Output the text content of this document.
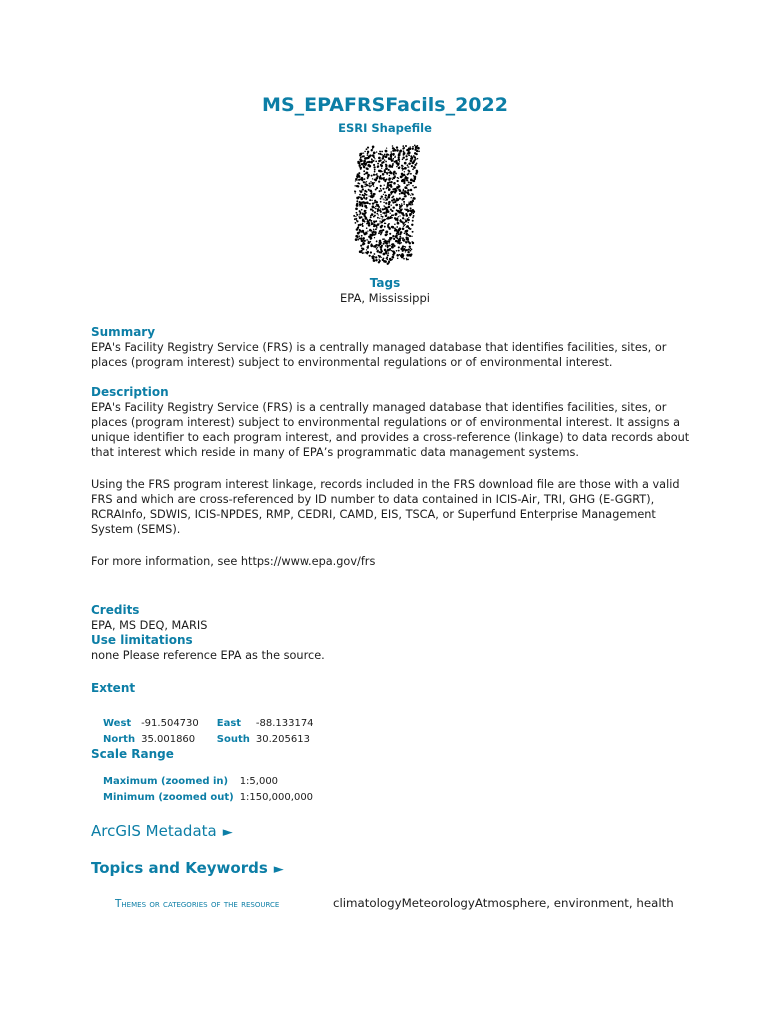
MS_EPAFRSFacils_2022
ESRI Shapefile
Tags
EPA, Mississippi
Summary

EPA's Facility Registry Service (FRS) is a centrally managed database that identifies facilities, sites, or places (program interest) subject to environmental regulations or of environmental interest.

Description

EPA's Facility Registry Service (FRS) is a centrally managed database that identifies facilities, sites, or places (program interest) subject to environmental regulations or of environmental interest. It assigns a unique identifier to each program interest, and provides a cross-reference (linkage) to data records about that interest which reside in many of EPA’s programmatic data management systems.

Using the FRS program interest linkage, records included in the FRS download file are those with a valid FRS and which are cross-referenced by ID number to data contained in ICIS-Air, TRI, GHG (E-GGRT), RCRAInfo, SDWIS, ICIS-NPDES, RMP, CEDRI, CAMD, EIS, TSCA, or Superfund Enterprise Management System (SEMS).

For more information, see https://www.epa.gov/frs

Credits

EPA, MS DEQ, MARIS

Use limitations

none Please reference EPA as the source.

Extent
West	-91.504730	East	-88.133174
North	35.001860	South	30.205613
Scale Range
Maximum (zoomed in)	1:5,000
Minimum (zoomed out)	1:150,000,000
ArcGIS Metadata ►
Topics and Keywords ►
Themes or categories of the resource	climatologyMeteorologyAtmosphere, environment, health
